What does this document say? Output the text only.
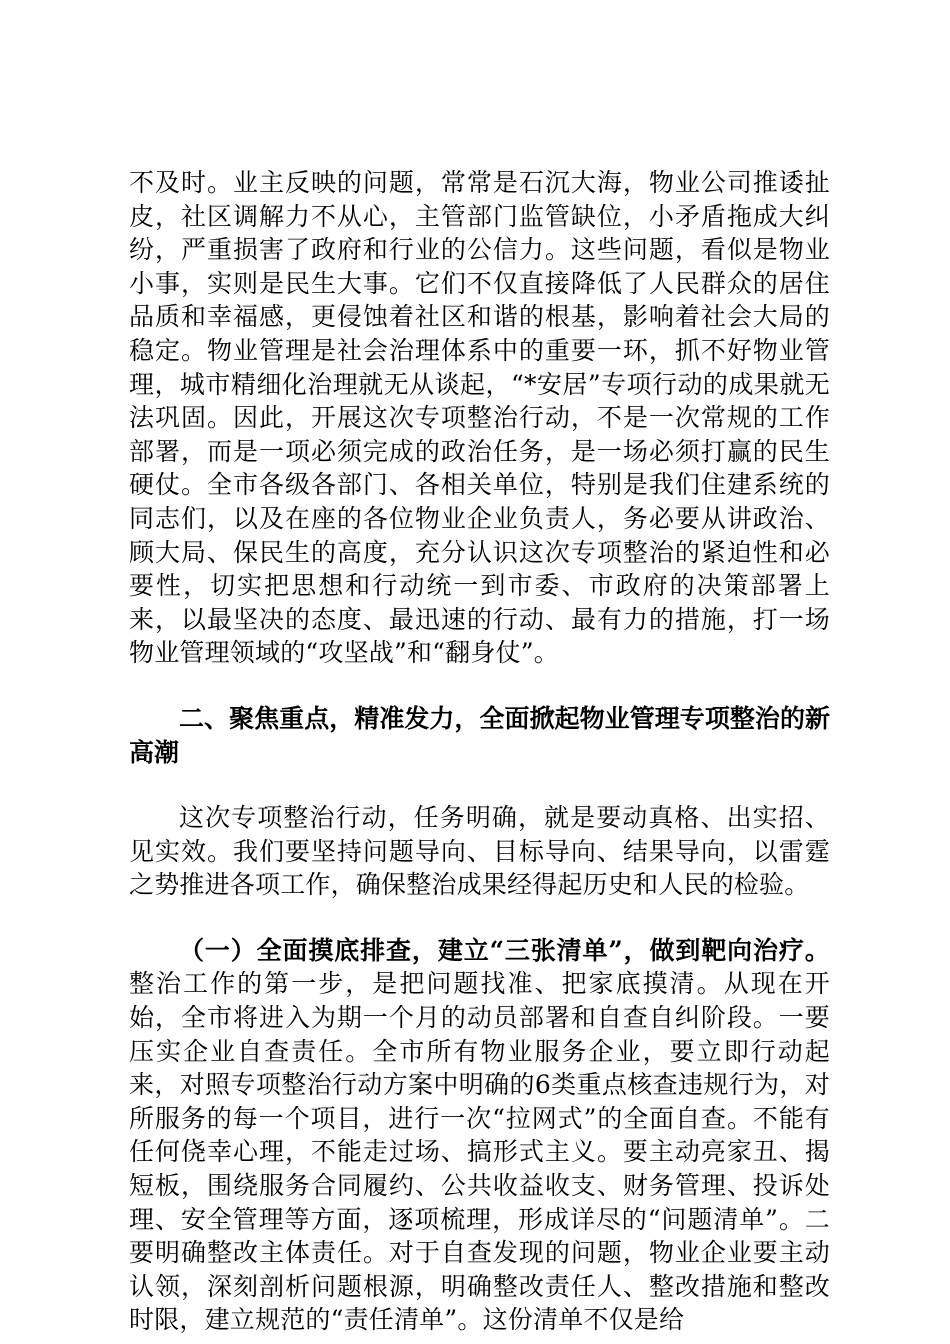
不及时。业主反映的问题，常常是石沉大海，物业公司推诿扯皮，社区调解力不从心，主管部门监管缺位，小矛盾拖成大纠纷，严重损害了政府和行业的公信力。这些问题，看似是物业小事，实则是民生大事。它们不仅直接降低了人民群众的居住品质和幸福感，更侵蚀着社区和谐的根基，影响着社会大局的稳定。物业管理是社会治理体系中的重要一环，抓不好物业管理，城市精细化治理就无从谈起，“*安居”专项行动的成果就无法巩固。因此，开展这次专项整治行动，不是一次常规的工作部署，而是一项必须完成的政治任务，是一场必须打赢的民生硬仗。全市各级各部门、各相关单位，特别是我们住建系统的同志们，以及在座的各位物业企业负责人，务必要从讲政治、顾大局、保民生的高度，充分认识这次专项整治的紧迫性和必要性，切实把思想和行动统一到市委、市政府的决策部署上来，以最坚决的态度、最迅速的行动、最有力的措施，打一场物业管理领域的“攻坚战”和“翻身仗”。

二、聚焦重点，精准发力，全面掀起物业管理专项整治的新高潮

这次专项整治行动，任务明确，就是要动真格、出实招、见实效。我们要坚持问题导向、目标导向、结果导向，以雷霆之势推进各项工作，确保整治成果经得起历史和人民的检验。

（一）全面摸底排查，建立“三张清单”，做到靶向治疗。整治工作的第一步，是把问题找准、把家底摸清。从现在开始，全市将进入为期一个月的动员部署和自查自纠阶段。一要压实企业自查责任。全市所有物业服务企业，要立即行动起来，对照专项整治行动方案中明确的6类重点核查违规行为，对所服务的每一个项目，进行一次“拉网式”的全面自查。不能有任何侥幸心理，不能走过场、搞形式主义。要主动亮家丑、揭短板，围绕服务合同履约、公共收益收支、财务管理、投诉处理、安全管理等方面，逐项梳理，形成详尽的“问题清单”。二要明确整改主体责任。对于自查发现的问题，物业企业要主动认领，深刻剖析问题根源，明确整改责任人、整改措施和整改时限，建立规范的“责任清单”。这份清单不仅是给
